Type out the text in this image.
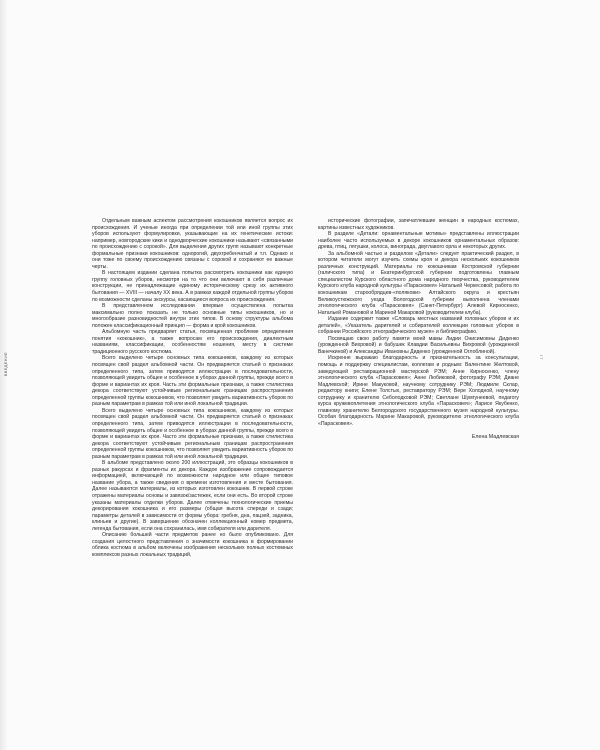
ВВЕДЕНИЕ	/ 7

Отдельным важным аспектом рассмотрения кокошников является вопрос их происхождения. И ученые иногда при определении той или иной группы этих уборов используют формулировки, указывающие на их генетические истоки: например, новгородские кики и однодворческие кокошники называют «связанными по происхождению с сорокой». Для выделения других групп называют конкретные формальные признаки кокошников: однорогий, двухгребенчатый и т.п. Однако и они тоже по своему происхождению связаны с сорокой и сохраняют ее важные черты.

В настоящем издании сделана попытка рассмотреть кокошники как единую группу головных уборов, несмотря на то что они включают в себя различные конструкции, не принадлежащие единому историческому срезу их активного бытования — XVIII — началу XX века. А в рамках каждой отдельной группы уборов по возможности сделаны экскурсы, касающиеся вопроса их происхождения.

В представленном исследовании впервые осуществлена попытка максимально полно показать не только основные типы кокошников, но и многообразие разновидностей внутри этих типов. В основу структуры альбома положен классификационный принцип — форма и крой кокошников.

Альбомную часть предваряет статья, посвященная проблеме определения понятия «кокошник», а также вопросам его происхождения, диалектным названиям, классификации, особенностям ношения, месту в системе традиционного русского костюма.

Всего выделено четыре основных типа кокошников, каждому из которых посвящен свой раздел альбомной части. Он предваряется статьей о признаках определенного типа, затем приводятся иллюстрации в последовательности, позволяющей увидеть общее и особенное в уборах данной группы, прежде всего в форме и вариантах их кроя. Часть эти формальные признаки, а также стилистика декора соответствуют устойчивым региональным границам распространения определенной группы кокошников, что позволяет увидеть вариативность уборов по разным параметрам в рамках той или иной локальной традиции.

Всего выделено четыре основных типа кокошников, каждому из которых посвящен свой раздел альбомной части. Он предваряется статьей о признаках определенного типа, затем приводятся иллюстрации в последовательности, позволяющей увидеть общее и особенное в уборах данной группы, прежде всего в форме и вариантах их кроя. Часто эти формальные признаки, а также стилистика декора соответствуют устойчивым региональным границам распространения определенной группы кокошников, что позволяет увидеть вариативность уборов по разным параметрам в рамках той или иной локальной традиции.

В альбоме представлено около 200 иллюстраций, это образцы кокошников в разных ракурсах и фрагменты их декора. Каждое изображение сопровождается информацией, включающей по возможности народное или общее типовое название убора, а также сведения о времени изготовления и месте бытования. Далее называются материалы, из которых изготовлен кокошник. В первой строке отражены материалы основы и завязок/застежек, если они есть. Во второй строке указаны материалы отделки уборов. Далее отмечены технологические приемы декорирования кокошника и его размеры (общая высота спереди и сзади; параметры деталей в зависимости от формы убора: гребня, дна, пацзей, задника, клиньев и другие). В завершение обозначен коллекционный номер предмета, легенда бытования, если она сохранилась, имя собирателя или дарителя.

Описанию большей части предметов ранее но было опубликовано. Для создания целостного представления о значимости кокошника в формировании облика костюма в альбом включены изображения нескольких полных костюмных комплексов разных локальных традиций,

исторические фотографии, запечатлевшие женщин в народных костюмах, картины известных художников.

В разделе «Детали: орнаментальные мотивы» представлены иллюстрации наиболее часто используемых в декоре кокошников орнаментальных образов: древа, птиц, лягушки, колоса, винограда, двуглавого орла и некоторых других.

За альбомной частью и разделом «Детали» следует практический раздел, в котором читатели могут изучить схемы кроя и декора нескольких кокошников различных конструкций. Материалы по кокошникам Костромской губернии (галичского типа) и Екатеринбургской губернии подготовлены главным специалистом Курского областного дома народного творчества, руководителем Курского клуба народной культуры «Парасковея» Натальей Черкесовой; работа по кокошникам старообрядцев-«полякови» Алтайского округа и крестьян Великоустюжского уезда Вологодской губернии выполнена членами этнологического клуба «Парасковея» (Санкт-Петербург) Алевой Кирносенко, Натальей Романовой и Мариной Макаровой (руководителем клуба).

Издание содержит также «Словарь местных названий головных уборов и их деталей», «Указатель дарителей и собирателей коллекции головных уборов в собрании Российского этнографического музея» и библиографию.

Посвящаю свою работу памяти моей мамы Лидии Онисимовны Диденко (урожденной Вихровой) и бабушек Клавдии Васильевны Вихровой (урожденной Ванечкиной) и Александры Ивановны Диденко (урожденной Оглоблиной).

Искренне выражаю благодарность и признательность за консультации, помощь и поддержку специалистам, коллегам и родным: Валентине Желтовой, заведующей реставрационной мастерской РЭМ; Анне Кирносенко, члену этнологического клуба «Парасковея»; Анне Любиковой, фотографу РЭМ; Диане Мадлевской; Ирине Макуковой, научному сотруднику РЭМ; Людмиле Склар, редактору книги; Елене Толстых, реставратору РЭМ; Вере Холодной, научному сотруднику и хранителю Себолодковой РЭМ; Светлане Шумгунеевой, педагогу курса кружевоплетения этнологического клуба «Парасковея»; Ларисе Якубенко, главному хранителю Белгородского государственного музея народной культуры. Особая благодарность Марине Макаровой, руководителю этнологического клуба «Парасковея».

Елена Мадлевская
